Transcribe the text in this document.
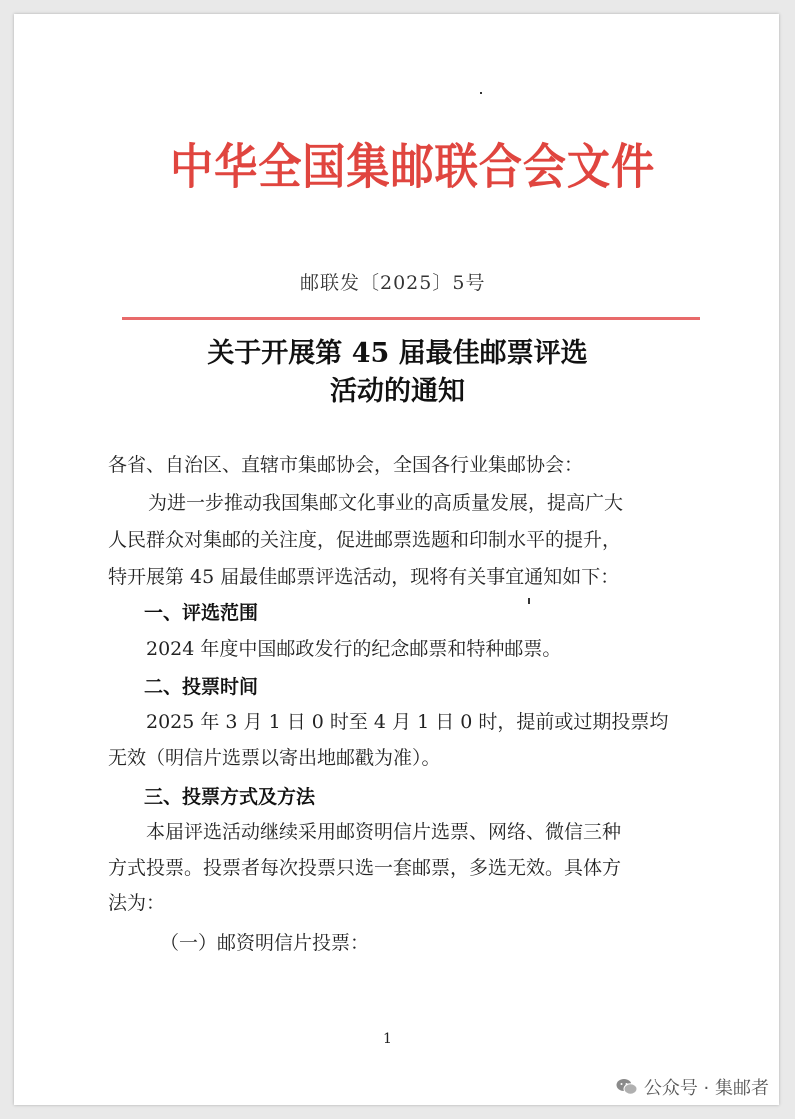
中华全国集邮联合会文件
邮联发〔2025〕5号
关于开展第 45 届最佳邮票评选
活动的通知
各省、自治区、直辖市集邮协会，全国各行业集邮协会：
为进一步推动我国集邮文化事业的高质量发展，提高广大
人民群众对集邮的关注度，促进邮票选题和印制水平的提升，
特开展第 45 届最佳邮票评选活动，现将有关事宜通知如下：
一、评选范围
2024 年度中国邮政发行的纪念邮票和特种邮票。
二、投票时间
2025 年 3 月 1 日 0 时至 4 月 1 日 0 时，提前或过期投票均
无效（明信片选票以寄出地邮戳为准）。
三、投票方式及方法
本届评选活动继续采用邮资明信片选票、网络、微信三种
方式投票。投票者每次投票只选一套邮票，多选无效。具体方
法为：
（一）邮资明信片投票：
1
公众号 · 集邮者
